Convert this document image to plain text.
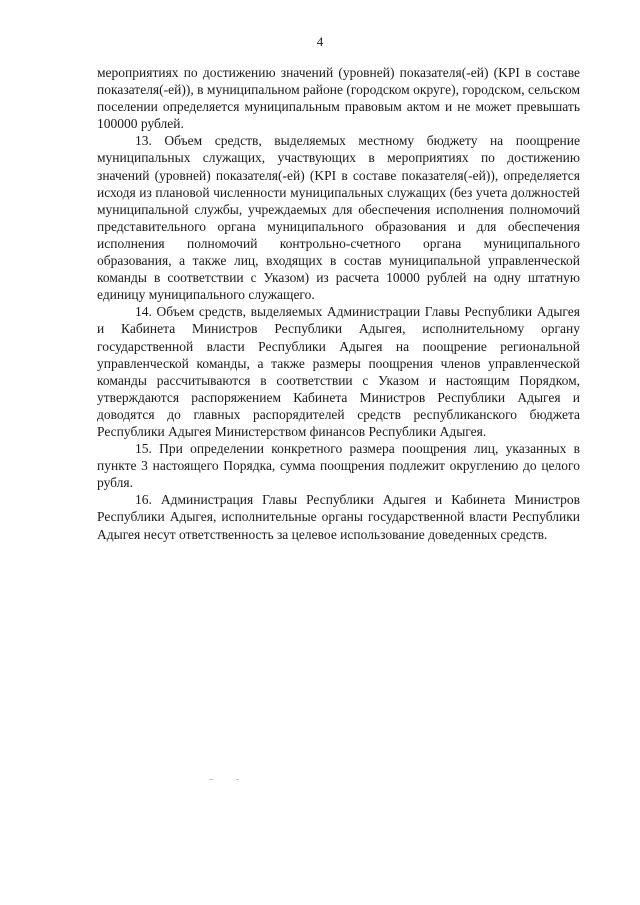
4

мероприятиях по достижению значений (уровней) показателя(-ей) (KPI в составе показателя(-ей)), в муниципальном районе (городском округе), городском, сельском поселении определяется муниципальным правовым актом и не может превышать 100000 рублей.

13. Объем средств, выделяемых местному бюджету на поощрение муниципальных служащих, участвующих в мероприятиях по достижению значений (уровней) показателя(-ей) (KPI в составе показателя(-ей)), определяется исходя из плановой численности муниципальных служащих (без учета должностей муниципальной службы, учреждаемых для обеспечения исполнения полномочий представительного органа муниципального образования и для обеспечения исполнения полномочий контрольно-счетного органа муниципального образования, а также лиц, входящих в состав муниципальной управленческой команды в соответствии с Указом) из расчета 10000 рублей на одну штатную единицу муниципального служащего.

14. Объем средств, выделяемых Администрации Главы Республики Адыгея и Кабинета Министров Республики Адыгея, исполнительному органу государственной власти Республики Адыгея на поощрение региональной управленческой команды, а также размеры поощрения членов управленческой команды рассчитываются в соответствии с Указом и настоящим Порядком, утверждаются распоряжением Кабинета Министров Республики Адыгея и доводятся до главных распорядителей средств республиканского бюджета Республики Адыгея Министерством финансов Республики Адыгея.

15. При определении конкретного размера поощрения лиц, указанных в пункте 3 настоящего Порядка, сумма поощрения подлежит округлению до целого рубля.

16. Администрация Главы Республики Адыгея и Кабинета Министров Республики Адыгея, исполнительные органы государственной власти Республики Адыгея несут ответственность за целевое использование доведенных средств.
